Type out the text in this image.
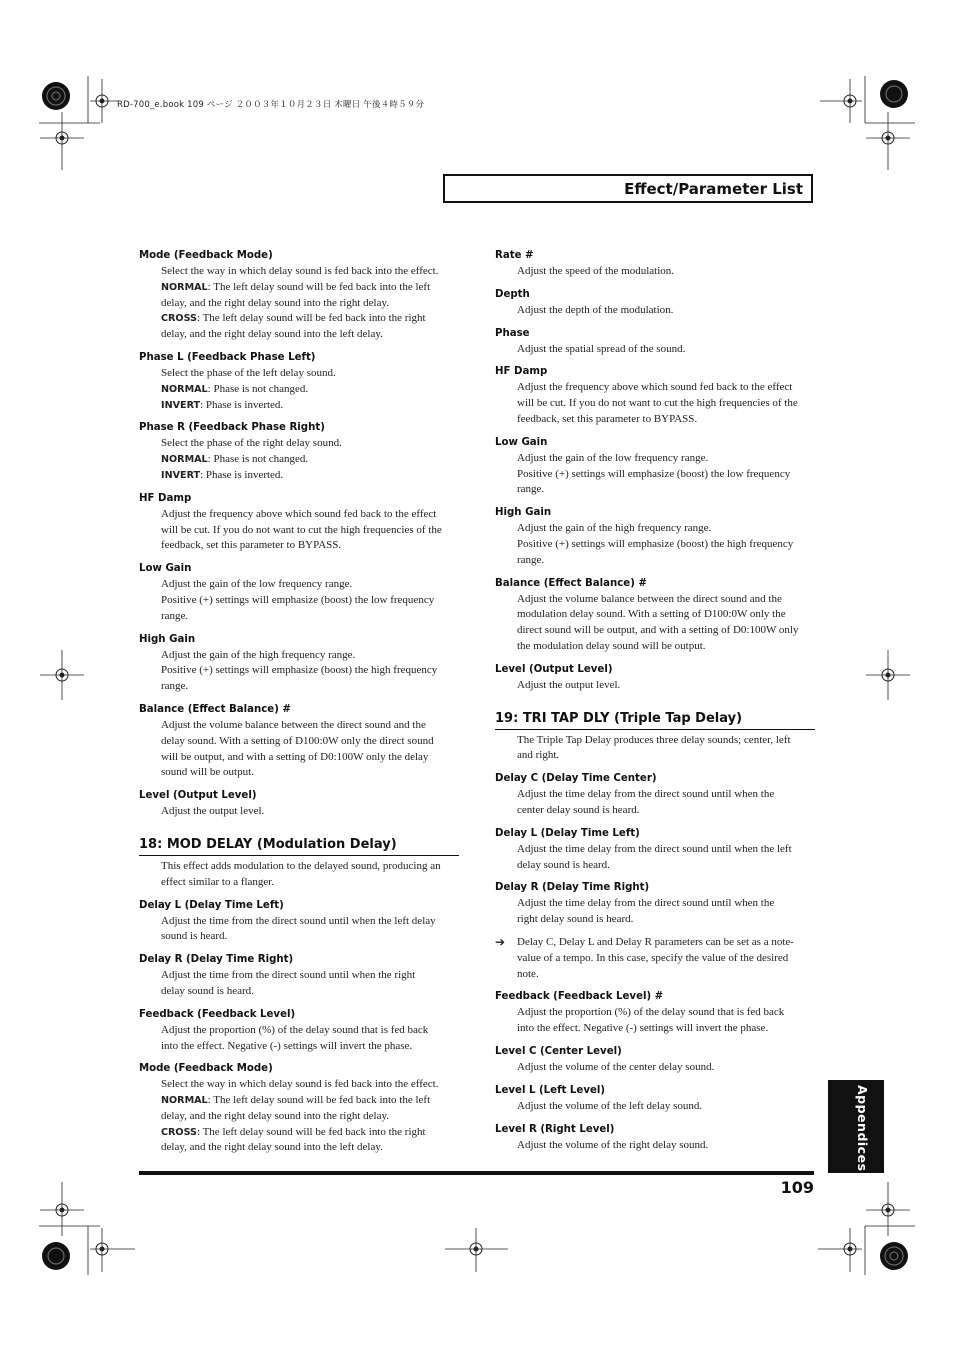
RD-700_e.book 109 ページ ２００３年１０月２３日 木曜日 午後４時５９分
Effect/Parameter List
Mode (Feedback Mode)
Select the way in which delay sound is fed back into the effect.
NORMAL: The left delay sound will be fed back into the left
delay, and the right delay sound into the right delay.
CROSS: The left delay sound will be fed back into the right
delay, and the right delay sound into the left delay.
Phase L (Feedback Phase Left)
Select the phase of the left delay sound.
NORMAL: Phase is not changed.
INVERT: Phase is inverted.
Phase R (Feedback Phase Right)
Select the phase of the right delay sound.
NORMAL: Phase is not changed.
INVERT: Phase is inverted.
HF Damp
Adjust the frequency above which sound fed back to the effect
will be cut. If you do not want to cut the high frequencies of the
feedback, set this parameter to BYPASS.
Low Gain
Adjust the gain of the low frequency range.
Positive (+) settings will emphasize (boost) the low frequency
range.
High Gain
Adjust the gain of the high frequency range.
Positive (+) settings will emphasize (boost) the high frequency
range.
Balance (Effect Balance) #
Adjust the volume balance between the direct sound and the
delay sound. With a setting of D100:0W only the direct sound
will be output, and with a setting of D0:100W only the delay
sound will be output.
Level (Output Level)
Adjust the output level.
18: MOD DELAY (Modulation Delay)
This effect adds modulation to the delayed sound, producing an
effect similar to a flanger.
Delay L (Delay Time Left)
Adjust the time from the direct sound until when the left delay
sound is heard.
Delay R (Delay Time Right)
Adjust the time from the direct sound until when the right
delay sound is heard.
Feedback (Feedback Level)
Adjust the proportion (%) of the delay sound that is fed back
into the effect. Negative (-) settings will invert the phase.
Mode (Feedback Mode)
Select the way in which delay sound is fed back into the effect.
NORMAL: The left delay sound will be fed back into the left
delay, and the right delay sound into the right delay.
CROSS: The left delay sound will be fed back into the right
delay, and the right delay sound into the left delay.
Rate #
Adjust the speed of the modulation.
Depth
Adjust the depth of the modulation.
Phase
Adjust the spatial spread of the sound.
HF Damp
Adjust the frequency above which sound fed back to the effect
will be cut. If you do not want to cut the high frequencies of the
feedback, set this parameter to BYPASS.
Low Gain
Adjust the gain of the low frequency range.
Positive (+) settings will emphasize (boost) the low frequency
range.
High Gain
Adjust the gain of the high frequency range.
Positive (+) settings will emphasize (boost) the high frequency
range.
Balance (Effect Balance) #
Adjust the volume balance between the direct sound and the
modulation delay sound. With a setting of D100:0W only the
direct sound will be output, and with a setting of D0:100W only
the modulation delay sound will be output.
Level (Output Level)
Adjust the output level.
19: TRI TAP DLY (Triple Tap Delay)
The Triple Tap Delay produces three delay sounds; center, left
and right.
Delay C (Delay Time Center)
Adjust the time delay from the direct sound until when the
center delay sound is heard.
Delay L (Delay Time Left)
Adjust the time delay from the direct sound until when the left
delay sound is heard.
Delay R (Delay Time Right)
Adjust the time delay from the direct sound until when the
right delay sound is heard.
➔	Delay C, Delay L and Delay R parameters can be set as a note-
value of a tempo. In this case, specify the value of the desired
note.
Feedback (Feedback Level) #
Adjust the proportion (%) of the delay sound that is fed back
into the effect. Negative (-) settings will invert the phase.
Level C (Center Level)
Adjust the volume of the center delay sound.
Level L (Left Level)
Adjust the volume of the left delay sound.
Level R (Right Level)
Adjust the volume of the right delay sound.
109
Appendices
